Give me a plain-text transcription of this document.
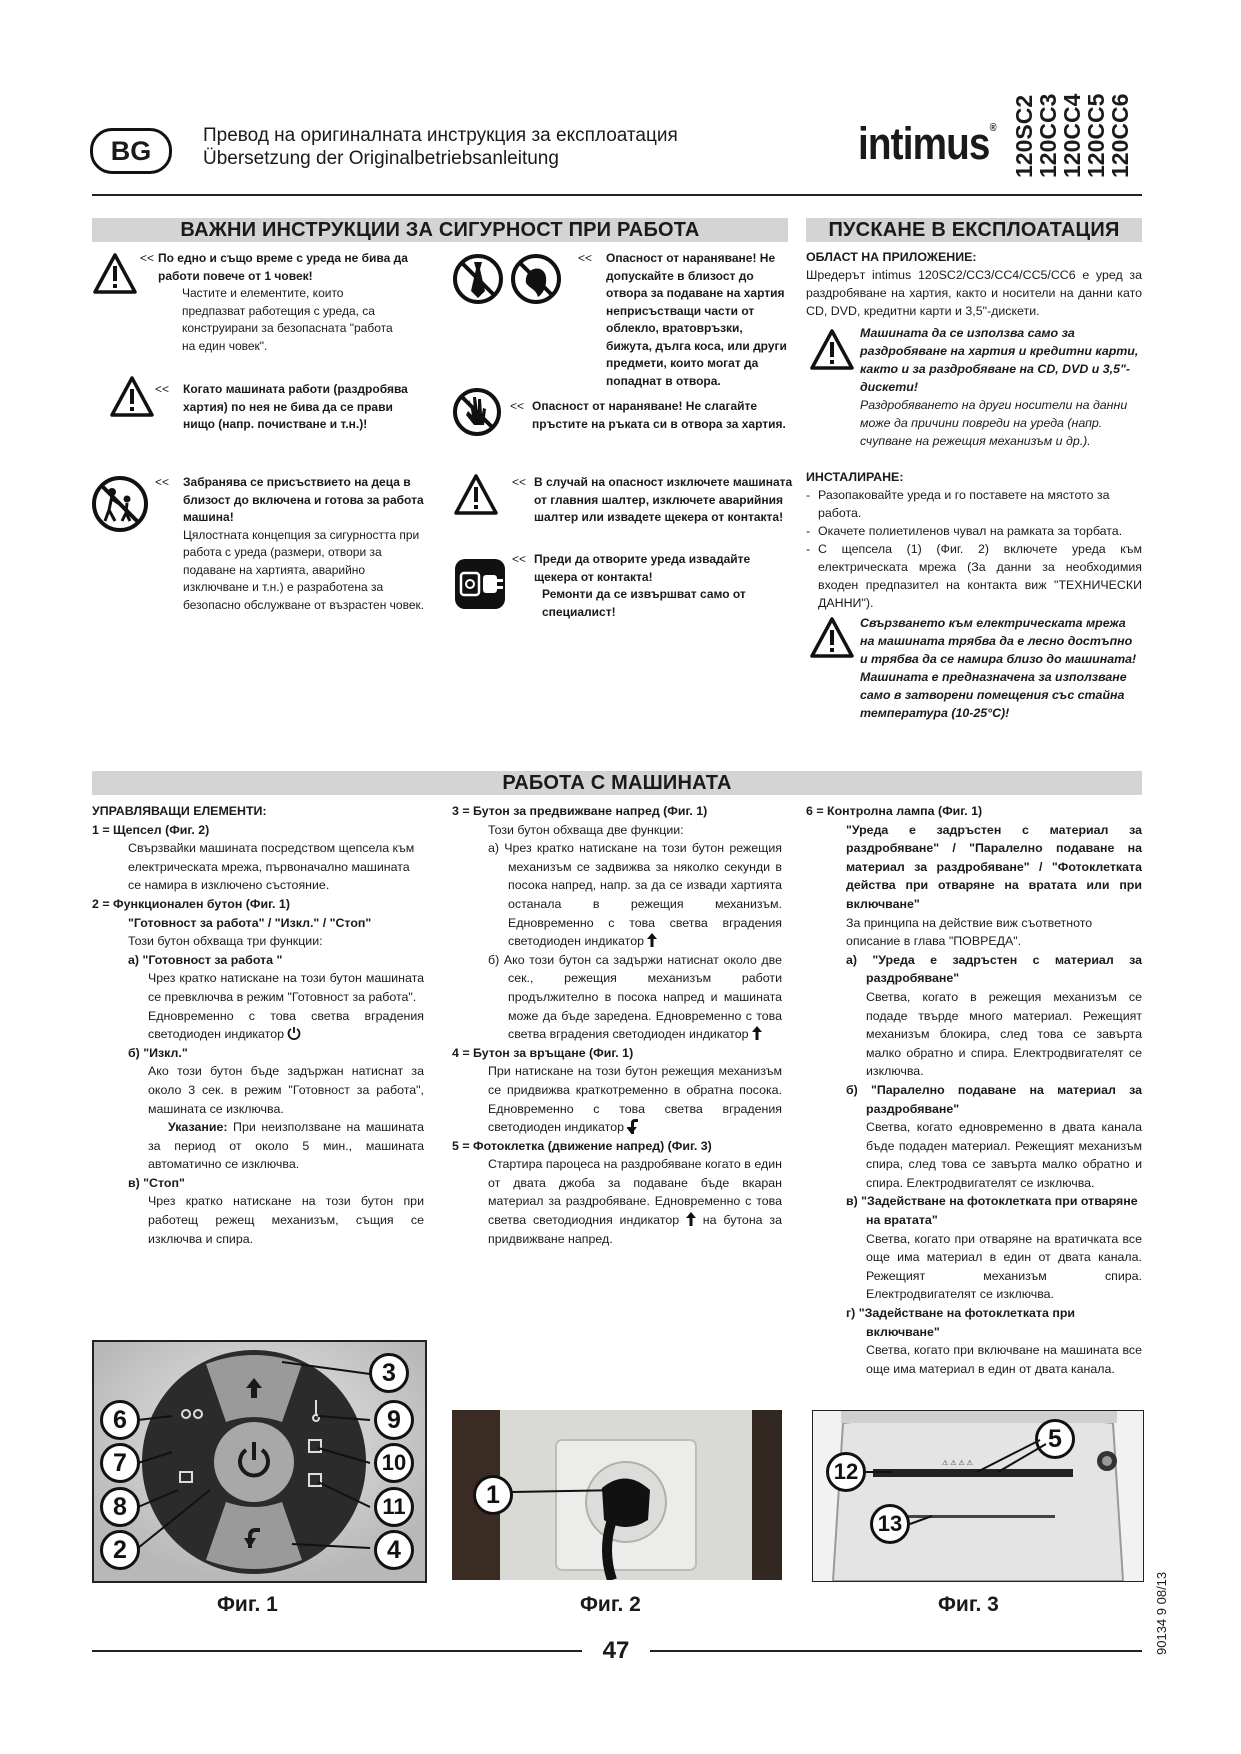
BG
Превод на оригиналната инструкция за експлоатация
Übersetzung der Originalbetriebsanleitung	intimus® 120SC2
120CC3
120CC4
120CC5
120CC6
ВАЖНИ ИНСТРУКЦИИ ЗА СИГУРНОСТ ПРИ РАБОТА
<< По едно и също време с уреда не бива да работи повече от 1 човек!
Частите и елементите, които предпазват работещия с уреда, са конструирани за безопасната "работа на един човек".
<<	Когато машината работи (раздробява хартия) по нея не бива да се прави нищо (напр. почистване и т.н.)!
<<	Забранява се присъствието на деца в близост до включена и готова за работа машина!
Цялостната концепция за сигурността при работа с уреда (размери, отвори за подаване на хартията, аварийно изключване и т.н.) е разработена за безопасно обслужване от възрастен човек.
<<	Опасност от нараняване! Не допускайте в близост до отвора за подаване на хартия неприсъстващи части от облекло, вратовръзки, бижута, дълга коса, или други предмети, които могат да попаднат в отвора.
<< Опасност от нараняване! Не слагайте пръстите на ръката си в отвора за хартия.
<< В случай на опасност изключете машината от главния шалтер, изключете аварийния шалтер или извадете щекера от контакта!
<< Преди да отворите уреда извадайте щекера от контакта!
Ремонти да се извършват само от специалист!
ПУСКАНЕ В ЕКСПЛОАТАЦИЯ
ОБЛАСТ НА ПРИЛОЖЕНИЕ:
Шредерът intimus 120SC2/CC3/CC4/CC5/CC6 е уред за раздробяване на хартия, както и носители на данни като CD, DVD, кредитни карти и 3,5"-дискети.
Машината да се използва само за раздробяване на хартия и кредитни карти, както и за раздробяване на CD, DVD и 3,5"-дискети!
Раздробяването на други носители на данни може да причини повреди на уреда (напр. счупване на режещия механизъм и др.).
ИНСТАЛИРАНЕ:
- Разопаковайте уреда и го поставете на мястото за работа.
- Окачете полиетиленов чувал на рамката за торбата.
- С щепсела (1) (Фиг. 2) включете уреда към електрическата мрежа (За данни за необходимия входен предпазител на контакта виж "ТЕХНИЧЕСКИ ДАННИ").
Свързването към електрическата мрежа на машината трябва да е лесно достъпно и трябва да се намира близо до машината! Машината е предназначена за използване само в затворени помещения със стайна температура (10-25°C)!
РАБОТА С МАШИНАТА
УПРАВЛЯВАЩИ ЕЛЕМЕНТИ:
1 = Щепсел (Фиг. 2)
Свързвайки машината посредством щепсела към електрическата мрежа, първоначално машината се намира в изключено състояние.
2 = Функционален бутон (Фиг. 1)
"Готовност за работа" / "Изкл." / "Стоп"
Този бутон обхваща три функции:
а) "Готовност за работа "
Чрез кратко натискане на този бутон машината се превключва в режим "Готовност за работа".
Едновременно с това светва вградения светодиоден индикатор
б) "Изкл."
Ако този бутон бъде задържан натиснат за около 3 сек. в режим "Готовност за работа", машината се изключва.
Указание: При неизползване на машината за период от около 5 мин., машината автоматично се изключва.
в) "Стоп"
Чрез кратко натискане на този бутон при работещ режещ механизъм, същия се изключва и спира.
3 = Бутон за предвижване напред (Фиг. 1)
Този бутон обхваща две функции:
а) Чрез кратко натискане на този бутон режещия механизъм се задвижва за няколко секунди в посока напред, напр. за да се извади хартията останала в режещия механизъм. Едновременно с това светва вградения светодиоден индикатор
б) Ако този бутон са задържи натиснат около две сек., режещия механизъм работи продължително в посока напред и машината може да бъде заредена. Едновременно с това светва вградения светодиоден индикатор
4 = Бутон за връщане (Фиг. 1)
При натискане на този бутон режещия механизъм се придвижва краткотременно в обратна посока. Едновременно с това светва вградения светодиоден индикатор
5 = Фотоклетка (движение напред) (Фиг. 3)
Стартира пароцеса на раздробяване когато в един от двата джоба за подаване бъде вкаран материал за раздробяване. Едновременно с това светва светодиодния индикатор на бутона за придвижване напред.
6 = Контролна лампа (Фиг. 1)
"Уреда е задръстен с материал за раздробяване" / "Паралелно подаване на материал за раздробяване" / "Фотоклетката действа при отваряне на вратата или при включване"
За принципа на действие виж съответното описание в глава "ПОВРЕДА".
а) "Уреда е задръстен с материал за раздробяване"
Светва, когато в режещия механизъм се подаде твърде много материал. Режещият механизъм блокира, след това се завърта малко обратно и спира. Електродвигателят се изключва.
б) "Паралелно подаване на материал за раздробяване"
Светва, когато едновременно в двата канала бъде подаден материал. Режещият механизъм спира, след това се завърта малко обратно и спира. Електродвигателят се изключва.
в) "Задействане на фотоклетката при отваряне на вратата"
Светва, когато при отваряне на вратичката все още има материал в един от двата канала. Режещият механизъм спира. Електродвигателят се изключва.
г) "Задействане на фотоклетката при включване"
Светва, когато при включване на машината все още има материал в един от двата канала.
3
6	9
7	10
8	11
2	4
Фиг. 1
1
Фиг. 2
⚠ ⚠ ⚠ ⚠
5
12
13
Фиг. 3
47	90134 9 08/13
